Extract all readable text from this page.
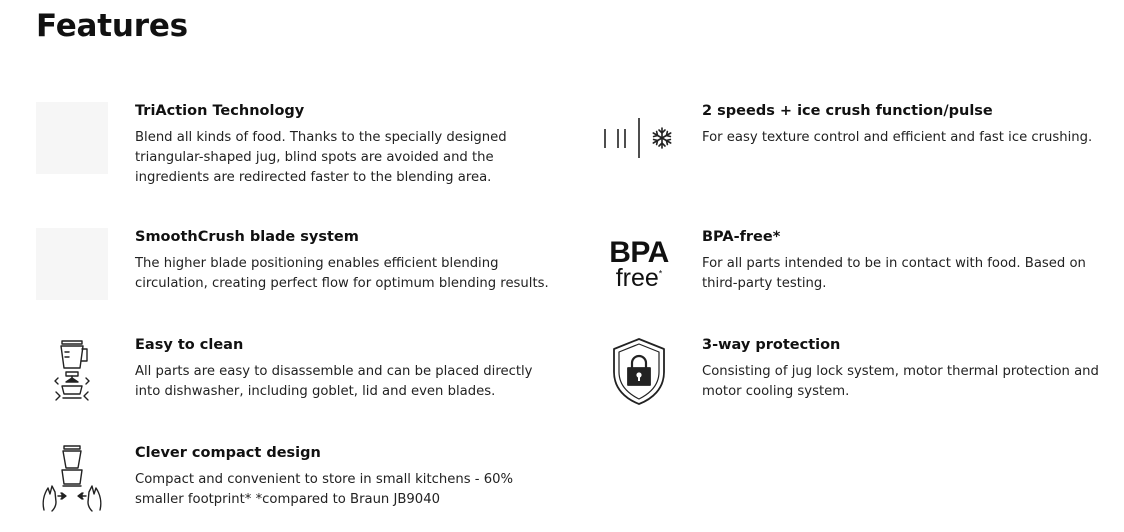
Features
TriAction Technology

Blend all kinds of food. Thanks to the specially designed triangular-shaped jug, blind spots are avoided and the ingredients are redirected faster to the blending area.

2 speeds + ice crush function/pulse

For easy texture control and efficient and fast ice crushing.

SmoothCrush blade system

The higher blade positioning enables efficient blending circulation, creating perfect flow for optimum blending results.

BPA
free*
BPA-free*

For all parts intended to be in contact with food. Based on third-party testing.

Easy to clean

All parts are easy to disassemble and can be placed directly into dishwasher, including goblet, lid and even blades.

3-way protection

Consisting of jug lock system, motor thermal protection and motor cooling system.

Clever compact design

Compact and convenient to store in small kitchens - 60% smaller footprint* *compared to Braun JB9040
